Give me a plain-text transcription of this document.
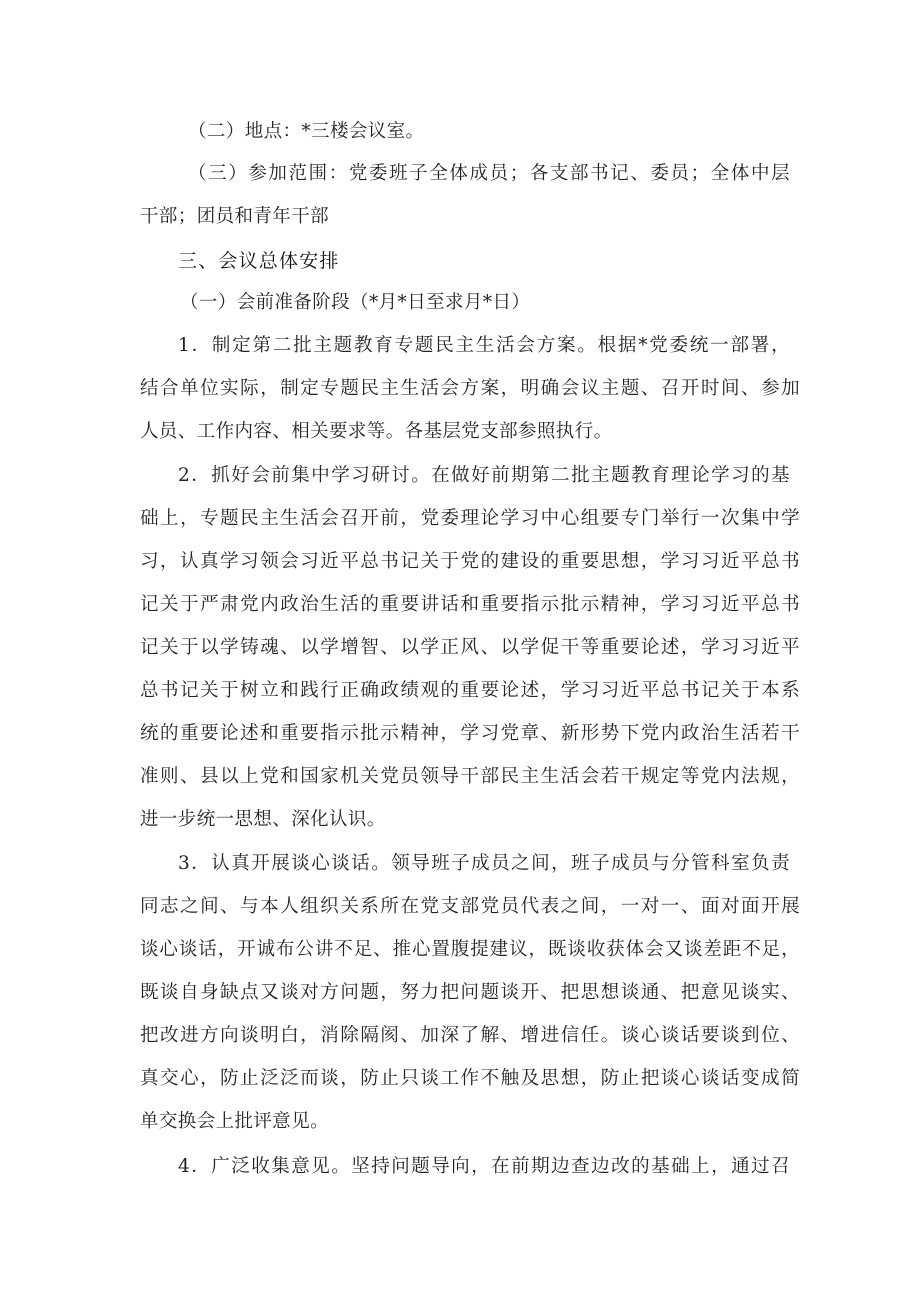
（二）地点：*三楼会议室。
（三）参加范围：党委班子全体成员；各支部书记、委员；全体中层
干部；团员和青年干部
三、会议总体安排
（一）会前准备阶段（*月*日至求月*日）
1．制定第二批主题教育专题民主生活会方案。根据*党委统一部署，
结合单位实际，制定专题民主生活会方案，明确会议主题、召开时间、参加
人员、工作内容、相关要求等。各基层党支部参照执行。
2．抓好会前集中学习研讨。在做好前期第二批主题教育理论学习的基
础上，专题民主生活会召开前，党委理论学习中心组要专门举行一次集中学
习，认真学习领会习近平总书记关于党的建设的重要思想，学习习近平总书
记关于严肃党内政治生活的重要讲话和重要指示批示精神，学习习近平总书
记关于以学铸魂、以学增智、以学正风、以学促干等重要论述，学习习近平
总书记关于树立和践行正确政绩观的重要论述，学习习近平总书记关于本系
统的重要论述和重要指示批示精神，学习党章、新形势下党内政治生活若干
准则、县以上党和国家机关党员领导干部民主生活会若干规定等党内法规，
进一步统一思想、深化认识。
3．认真开展谈心谈话。领导班子成员之间，班子成员与分管科室负责
同志之间、与本人组织关系所在党支部党员代表之间，一对一、面对面开展
谈心谈话，开诚布公讲不足、推心置腹提建议，既谈收获体会又谈差距不足，
既谈自身缺点又谈对方问题，努力把问题谈开、把思想谈通、把意见谈实、
把改进方向谈明白，消除隔阂、加深了解、增进信任。谈心谈话要谈到位、
真交心，防止泛泛而谈，防止只谈工作不触及思想，防止把谈心谈话变成简
单交换会上批评意见。
4．广泛收集意见。坚持问题导向，在前期边查边改的基础上，通过召
